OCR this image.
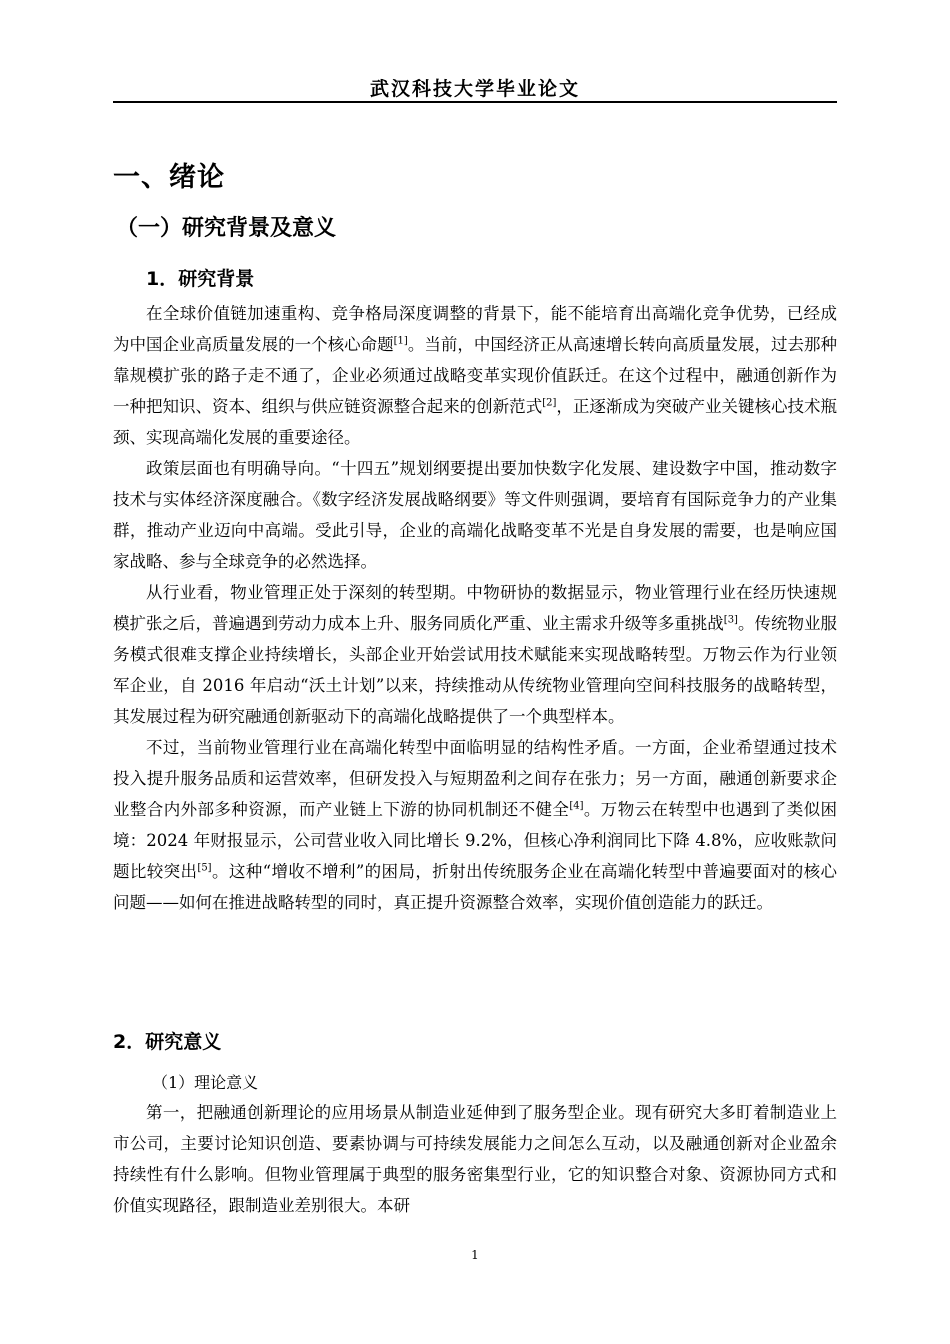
武汉科技大学毕业论文
一、绪论
（一）研究背景及意义
1．研究背景

在全球价值链加速重构、竞争格局深度调整的背景下，能不能培育出高端化竞争优势，已经成为中国企业高质量发展的一个核心命题[1]。当前，中国经济正从高速增长转向高质量发展，过去那种靠规模扩张的路子走不通了，企业必须通过战略变革实现价值跃迁。在这个过程中，融通创新作为一种把知识、资本、组织与供应链资源整合起来的创新范式[2]，正逐渐成为突破产业关键核心技术瓶颈、实现高端化发展的重要途径。

政策层面也有明确导向。“十四五”规划纲要提出要加快数字化发展、建设数字中国，推动数字技术与实体经济深度融合。《数字经济发展战略纲要》等文件则强调，要培育有国际竞争力的产业集群，推动产业迈向中高端。受此引导，企业的高端化战略变革不光是自身发展的需要，也是响应国家战略、参与全球竞争的必然选择。

从行业看，物业管理正处于深刻的转型期。中物研协的数据显示，物业管理行业在经历快速规模扩张之后，普遍遇到劳动力成本上升、服务同质化严重、业主需求升级等多重挑战[3]。传统物业服务模式很难支撑企业持续增长，头部企业开始尝试用技术赋能来实现战略转型。万物云作为行业领军企业，自 2016 年启动“沃土计划”以来，持续推动从传统物业管理向空间科技服务的战略转型，其发展过程为研究融通创新驱动下的高端化战略提供了一个典型样本。

不过，当前物业管理行业在高端化转型中面临明显的结构性矛盾。一方面，企业希望通过技术投入提升服务品质和运营效率，但研发投入与短期盈利之间存在张力；另一方面，融通创新要求企业整合内外部多种资源，而产业链上下游的协同机制还不健全[4]。万物云在转型中也遇到了类似困境：2024 年财报显示，公司营业收入同比增长 9.2%，但核心净利润同比下降 4.8%，应收账款问题比较突出[5]。这种“增收不增利”的困局，折射出传统服务企业在高端化转型中普遍要面对的核心问题——如何在推进战略转型的同时，真正提升资源整合效率，实现价值创造能力的跃迁。

2．研究意义
（1）理论意义

第一，把融通创新理论的应用场景从制造业延伸到了服务型企业。现有研究大多盯着制造业上市公司，主要讨论知识创造、要素协调与可持续发展能力之间怎么互动，以及融通创新对企业盈余持续性有什么影响。但物业管理属于典型的服务密集型行业，它的知识整合对象、资源协同方式和价值实现路径，跟制造业差别很大。本研

1
